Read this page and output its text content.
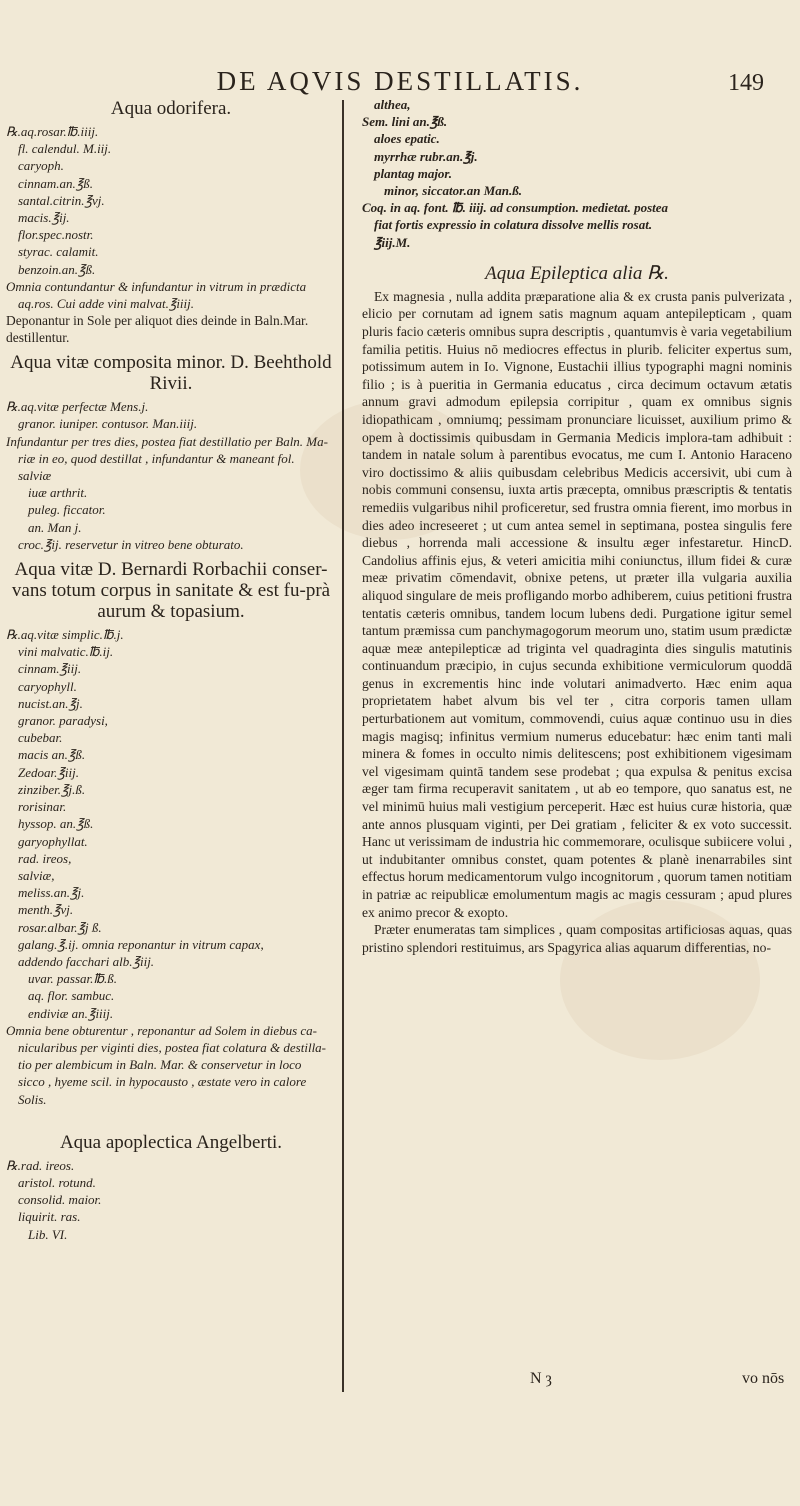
DE AQVIS DESTILLATIS.	149
Aqua odorifera.
℞.aq.rosar.℔.iiij.
fl. calendul. M.iij.
caryoph.
cinnam.an.℥ß.
santal.citrin.℥vj.
macis.℥ij.
flor.spec.nostr.
styrac. calamit.
benzoin.an.℥ß.
Omnia contundantur & infundantur in vitrum in prædicta
aq.ros. Cui adde vini malvat.℥iiij.
Deponantur in Sole per aliquot dies deinde in Baln.Mar. destillentur.
Aqua vitæ composita minor. D. Beehthold Rivii.
℞.aq.vitæ perfectæ Mens.j.
granor. iuniper. contusor. Man.iiij.
Infundantur per tres dies, postea fiat destillatio per Baln. Ma-
riæ in eo, quod destillat , infundantur & maneant fol.
salviæ
iuæ arthrit.
puleg. ficcator.
an. Man j.
croc.℥ij. reservetur in vitreo bene obturato.
Aqua vitæ D. Bernardi Rorbachii conser-vans totum corpus in sanitate & est fu-prà aurum & topasium.
℞.aq.vitæ simplic.℔.j.
vini malvatic.℔.ij.
cinnam.℥iij.
caryophyll.
nucist.an.℥j.
granor. paradysi,
cubebar.
macis an.℥ß.
Zedoar.℥iij.
zinziber.℥j.ß.
rorisinar.
hyssop. an.℥ß.
garyophyllat.
rad. ireos,
salviæ,
meliss.an.℥j.
menth.℥vj.
rosar.albar.℥j ß.
galang.℥.ij. omnia reponantur in vitrum capax,
addendo facchari alb.℥iij.
uvar. passar.℔.ß.
aq. flor. sambuc.
endiviæ an.℥iiij.
Omnia bene obturentur , reponantur ad Solem in diebus ca-
nicularibus per viginti dies, postea fiat colatura & destilla-
tio per alembicum in Baln. Mar. & conservetur in loco
sicco , hyeme scil. in hypocausto , æstate vero in calore
Solis.
Aqua apoplectica Angelberti.
℞.rad. ireos.
aristol. rotund.
consolid. maior.
liquirit. ras.
Lib. VI.
althea,
Sem. lini an.℥ß.
aloes epatic.
myrrhæ rubr.an.℥j.
plantag major.
minor, siccator.an Man.ß.
Coq. in aq. font. ℔. iiij. ad consumption. medietat. postea
fiat fortis expressio in colatura dissolve mellis rosat.
℥iij.M.
Aqua Epileptica alia ℞.
Ex magnesia , nulla addita præparatione alia & ex crusta panis pulverizata , elicio per cornutam ad ignem satis magnum aquam antepilepticam , quam pluris facio cæteris omnibus supra descriptis , quantumvis è varia vegetabilium familia petitis. Huius nō mediocres effectus in plurib. feliciter expertus sum, potissimum autem in Io. Vignone, Eustachii illius typographi magni nominis filio ; is à pueritia in Germania educatus , circa decimum octavum ætatis annum gravi admodum epilepsia corripitur , quam ex omnibus signis idiopathicam , omniumq; pessimam pronunciare licuisset, auxilium primo & opem à doctissimis quibusdam in Germania Medicis implora-tam adhibuit : tandem in natale solum à parentibus evocatus, me cum I. Antonio Haraceno viro doctissimo & aliis quibusdam celebribus Medicis accersivit, ubi cum à nobis communi consensu, iuxta artis præcepta, omnibus præscriptis & tentatis remediis vulgaribus nihil proficeretur, sed frustra omnia fierent, imo morbus in dies adeo increseeret ; ut cum antea semel in septimana, postea singulis fere diebus , horrenda mali accessione & insultu æger infestaretur. HincD. Candolius affinis ejus, & veteri amicitia mihi coniunctus, illum fidei & curæ meæ privatim cōmendavit, obnixe petens, ut præter illa vulgaria auxilia aliquod singulare de meis profligando morbo adhiberem, cuius petitioni frustra tentatis cæteris omnibus, tandem locum lubens dedi. Purgatione igitur semel tantum præmissa cum panchymagogorum meorum uno, statim usum prædictæ aquæ meæ antepilepticæ ad triginta vel quadraginta dies singulis matutinis continuandum præcipio, in cujus secunda exhibitione vermiculorum quoddā genus in excrementis hinc inde volutari animadverto. Hæc enim aqua proprietatem habet alvum bis vel ter , citra corporis tamen ullam perturbationem aut vomitum, commovendi, cuius aquæ continuo usu in dies magis magisq; infinitus vermium numerus educebatur: hæc enim tanti mali minera & fomes in occulto nimis delitescens; post exhibitionem vigesimam vel vigesimam quintā tandem sese prodebat ; qua expulsa & penitus excisa æger tam firma recuperavit sanitatem , ut ab eo tempore, quo sanatus est, ne vel minimū huius mali vestigium perceperit. Hæc est huius curæ historia, quæ ante annos plusquam viginti, per Dei gratiam , feliciter & ex voto successit. Hanc ut verissimam de industria hic commemorare, oculisque subiicere volui , ut indubitanter omnibus constet, quam potentes & planè inenarrabiles sint effectus horum medicamentorum vulgo incognitorum , quorum tamen notitiam in patriæ ac reipublicæ emolumentum magis ac magis cessuram ; apud plures ex animo precor & exopto.
Præter enumeratas tam simplices , quam compositas artificiosas aquas, quas pristino splendori restituimus, ars Spagyrica alias aquarum differentias, no-
N ȝ	vo nōs
